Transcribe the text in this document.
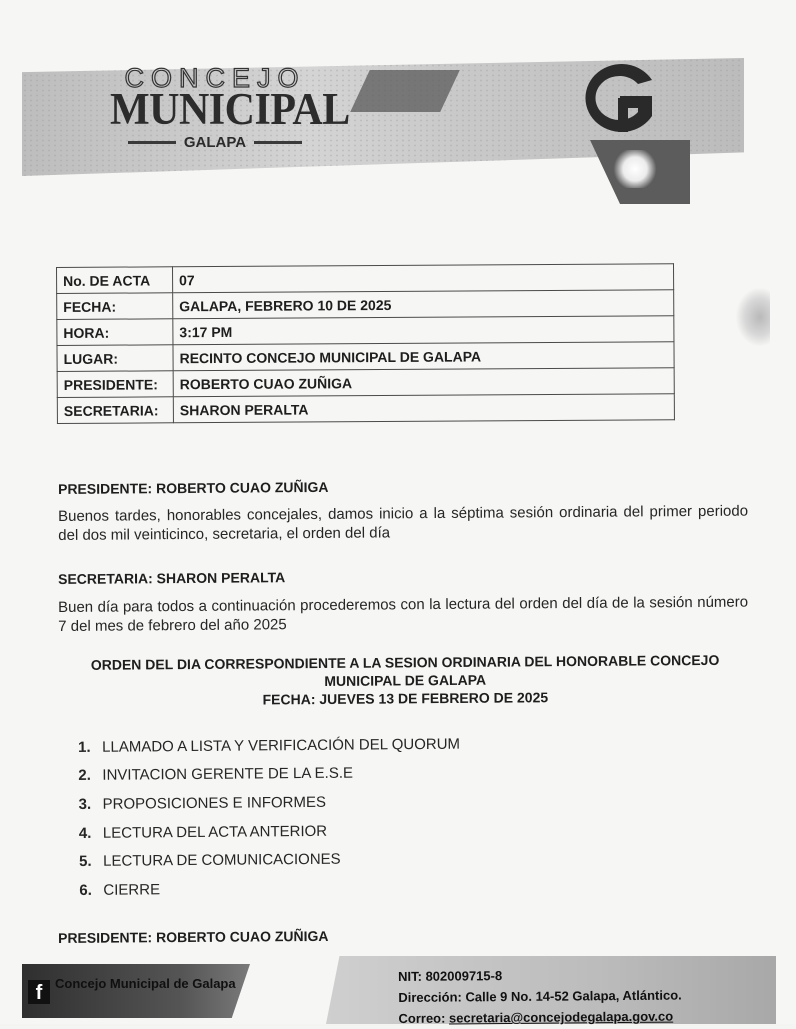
CONCEJO
MUNICIPAL
GALAPA
No. DE ACTA	07
FECHA:	GALAPA, FEBRERO 10 DE 2025
HORA:	3:17 PM
LUGAR:	RECINTO CONCEJO MUNICIPAL DE GALAPA
PRESIDENTE:	ROBERTO CUAO ZUÑIGA
SECRETARIA:	SHARON PERALTA
PRESIDENTE: ROBERTO CUAO ZUÑIGA
Buenos tardes, honorables concejales, damos inicio a la séptima sesión ordinaria del primer periodo del dos mil veinticinco, secretaria, el orden del día
SECRETARIA: SHARON PERALTA
Buen día para todos a continuación procederemos con la lectura del orden del día de la sesión número 7 del mes de febrero del año 2025
ORDEN DEL DIA CORRESPONDIENTE A LA SESION ORDINARIA DEL HONORABLE CONCEJO
MUNICIPAL DE GALAPA
FECHA: JUEVES 13 DE FEBRERO DE 2025
1. LLAMADO A LISTA Y VERIFICACIÓN DEL QUORUM
2. INVITACION GERENTE DE LA E.S.E
3. PROPOSICIONES E INFORMES
4. LECTURA DEL ACTA ANTERIOR
5. LECTURA DE COMUNICACIONES
6. CIERRE
PRESIDENTE: ROBERTO CUAO ZUÑIGA
f Concejo Municipal de Galapa	NIT: 802009715-8
Dirección: Calle 9 No. 14-52 Galapa, Atlántico.
Correo: secretaria@concejodegalapa.gov.co
